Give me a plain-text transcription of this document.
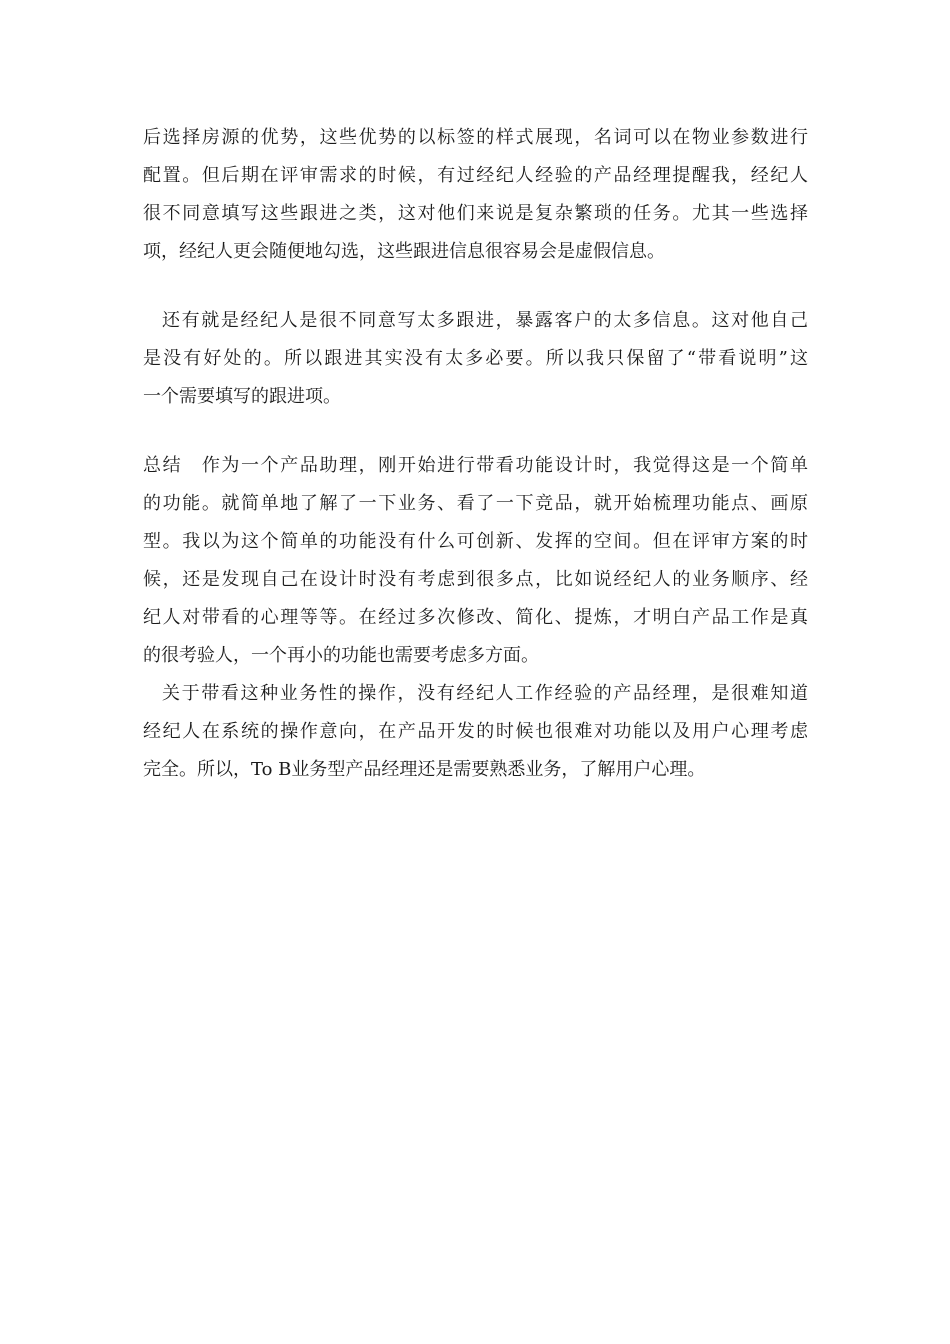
后选择房源的优势，这些优势的以标签的样式展现，名词可以在物业参数进行
配置。但后期在评审需求的时候，有过经纪人经验的产品经理提醒我，经纪人
很不同意填写这些跟进之类，这对他们来说是复杂繁琐的任务。尤其一些选择
项，经纪人更会随便地勾选，这些跟进信息很容易会是虚假信息。
还有就是经纪人是很不同意写太多跟进，暴露客户的太多信息。这对他自己
是没有好处的。所以跟进其实没有太多必要。所以我只保留了“带看说明”这
一个需要填写的跟进项。
总结　作为一个产品助理，刚开始进行带看功能设计时，我觉得这是一个简单
的功能。就简单地了解了一下业务、看了一下竞品，就开始梳理功能点、画原
型。我以为这个简单的功能没有什么可创新、发挥的空间。但在评审方案的时
候，还是发现自己在设计时没有考虑到很多点，比如说经纪人的业务顺序、经
纪人对带看的心理等等。在经过多次修改、简化、提炼，才明白产品工作是真
的很考验人，一个再小的功能也需要考虑多方面。
关于带看这种业务性的操作，没有经纪人工作经验的产品经理，是很难知道
经纪人在系统的操作意向，在产品开发的时候也很难对功能以及用户心理考虑
完全。所以，To B业务型产品经理还是需要熟悉业务，了解用户心理。
